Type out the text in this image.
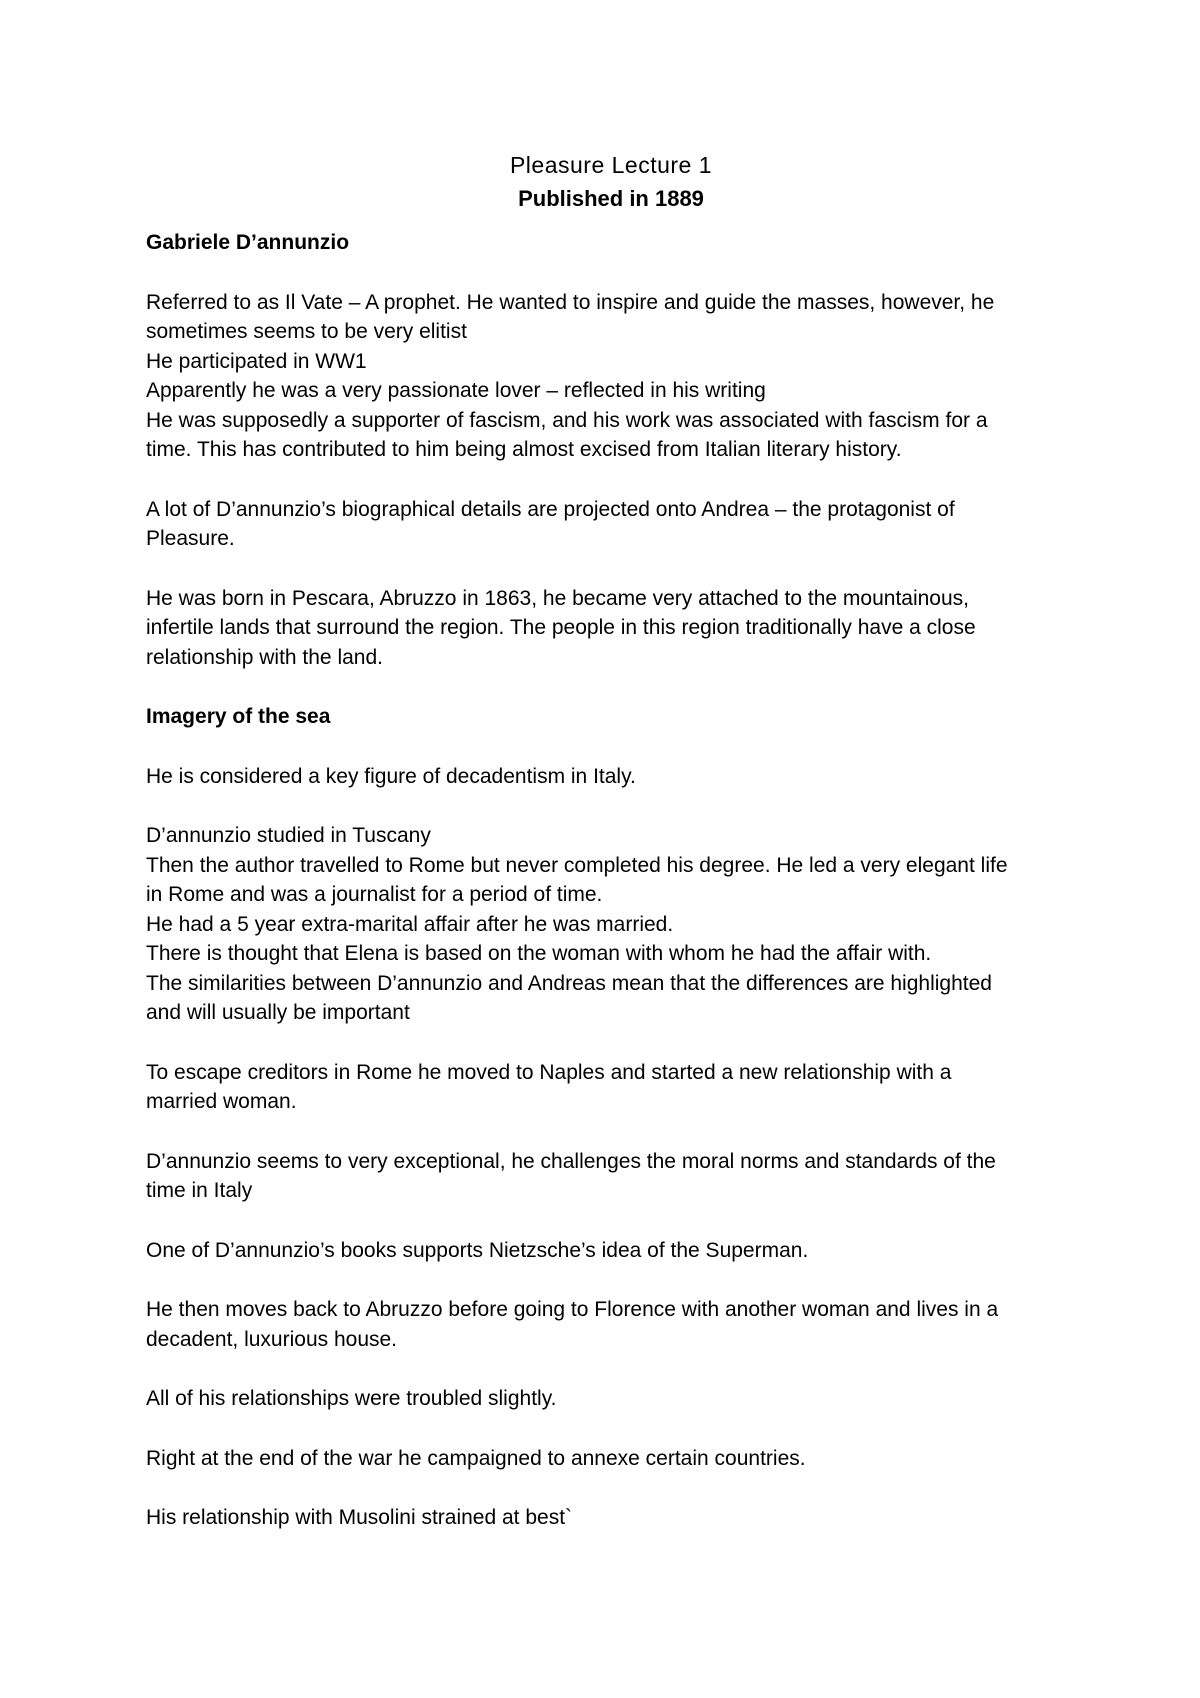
Pleasure Lecture 1

Published in 1889

Gabriele D’annunzio

Referred to as Il Vate – A prophet. He wanted to inspire and guide the masses, however, he

sometimes seems to be very elitist

He participated in WW1

Apparently he was a very passionate lover – reflected in his writing

He was supposedly a supporter of fascism, and his work was associated with fascism for a

time. This has contributed to him being almost excised from Italian literary history.

A lot of D’annunzio’s biographical details are projected onto Andrea – the protagonist of

Pleasure.

He was born in Pescara, Abruzzo in 1863, he became very attached to the mountainous,

infertile lands that surround the region. The people in this region traditionally have a close

relationship with the land.

Imagery of the sea

He is considered a key figure of decadentism in Italy.

D’annunzio studied in Tuscany

Then the author travelled to Rome but never completed his degree. He led a very elegant life

in Rome and was a journalist for a period of time.

He had a 5 year extra-marital affair after he was married.

There is thought that Elena is based on the woman with whom he had the affair with.

The similarities between D’annunzio and Andreas mean that the differences are highlighted

and will usually be important

To escape creditors in Rome he moved to Naples and started a new relationship with a

married woman.

D’annunzio seems to very exceptional, he challenges the moral norms and standards of the

time in Italy

One of D’annunzio’s books supports Nietzsche’s idea of the Superman.

He then moves back to Abruzzo before going to Florence with another woman and lives in a

decadent, luxurious house.

All of his relationships were troubled slightly.

Right at the end of the war he campaigned to annexe certain countries.

His relationship with Musolini strained at best`
